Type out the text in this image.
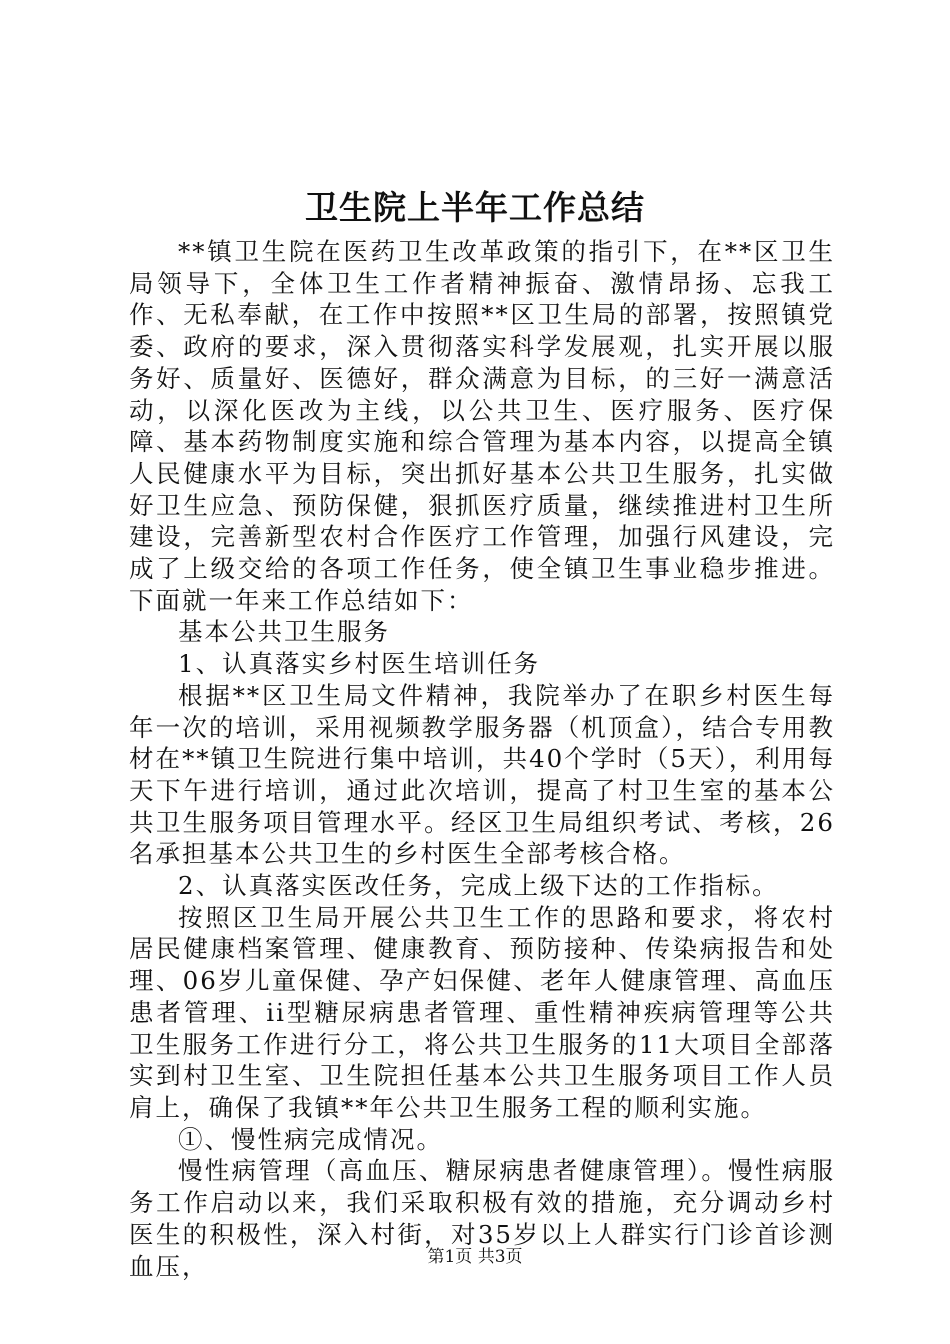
卫生院上半年工作总结

**镇卫生院在医药卫生改革政策的指引下，在**区卫生局领导下，全体卫生工作者精神振奋、激情昂扬、忘我工作、无私奉献，在工作中按照**区卫生局的部署，按照镇党委、政府的要求，深入贯彻落实科学发展观，扎实开展以服务好、质量好、医德好，群众满意为目标，的三好一满意活动，以深化医改为主线，以公共卫生、医疗服务、医疗保障、基本药物制度实施和综合管理为基本内容，以提高全镇人民健康水平为目标，突出抓好基本公共卫生服务，扎实做好卫生应急、预防保健，狠抓医疗质量，继续推进村卫生所建设，完善新型农村合作医疗工作管理，加强行风建设，完成了上级交给的各项工作任务，使全镇卫生事业稳步推进。下面就一年来工作总结如下：

基本公共卫生服务

1、认真落实乡村医生培训任务

根据**区卫生局文件精神，我院举办了在职乡村医生每年一次的培训，采用视频教学服务器（机顶盒），结合专用教材在**镇卫生院进行集中培训，共40个学时（5天），利用每天下午进行培训，通过此次培训，提高了村卫生室的基本公共卫生服务项目管理水平。经区卫生局组织考试、考核，26名承担基本公共卫生的乡村医生全部考核合格。

2、认真落实医改任务，完成上级下达的工作指标。

按照区卫生局开展公共卫生工作的思路和要求，将农村居民健康档案管理、健康教育、预防接种、传染病报告和处理、06岁儿童保健、孕产妇保健、老年人健康管理、高血压患者管理、ii型糖尿病患者管理、重性精神疾病管理等公共卫生服务工作进行分工，将公共卫生服务的11大项目全部落实到村卫生室、卫生院担任基本公共卫生服务项目工作人员肩上，确保了我镇**年公共卫生服务工程的顺利实施。

①、慢性病完成情况。

慢性病管理（高血压、糖尿病患者健康管理）。慢性病服务工作启动以来，我们采取积极有效的措施，充分调动乡村医生的积极性，深入村街，对35岁以上人群实行门诊首诊测血压，	第1页 共3页
